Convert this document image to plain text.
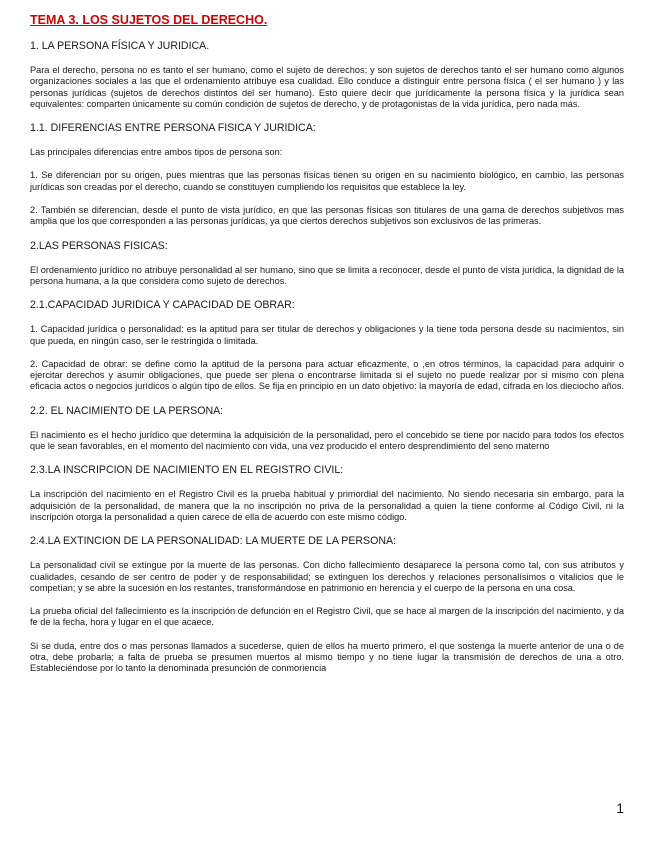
TEMA 3. LOS SUJETOS DEL DERECHO.
1. LA PERSONA FÍSICA Y JURIDICA.
Para el derecho, persona no es tanto el ser humano, como el sujeto de derechos; y son sujetos de derechos tanto el ser humano como algunos organizaciones sociales a las que el ordenamiento atribuye esa cualidad. Ello conduce a distinguir entre persona física ( el ser humano ) y las personas jurídicas (sujetos de derechos distintos del ser humano). Esto quiere decir que jurídicamente la persona física y la jurídica sean equivalentes: comparten únicamente su común condición de sujetos de derecho, y de protagonistas de la vida jurídica, pero nada más.
1.1. DIFERENCIAS ENTRE PERSONA FISICA Y JURIDICA:
Las principales diferencias entre ambos tipos de persona son:
1. Se diferencian por su origen, pues mientras que las personas físicas tienen su origen en su nacimiento biológico, en cambio, las personas jurídicas son creadas por el derecho, cuando se constituyen cumpliendo los requisitos que establece la ley.
2. También se diferencian, desde el punto de vista jurídico, en que las personas físicas son titulares de una gama de derechos subjetivos mas amplia que los que corresponden a las personas jurídicas, ya que ciertos derechos subjetivos son exclusivos de las primeras.
2.LAS PERSONAS FISICAS:
El ordenamiento jurídico no atribuye personalidad al ser humano, sino que se limita a reconocer, desde el punto de vista jurídica, la dignidad de la persona humana, a la que considera como sujeto de derechos.
2.1.CAPACIDAD JURIDICA Y CAPACIDAD DE OBRAR:
1. Capacidad jurídica o personalidad: es la aptitud para ser titular de derechos y obligaciones y la tiene toda persona desde su nacimientos, sin que pueda, en ningún caso, ser le restringida o limitada.
2. Capacidad de obrar: se define como la aptitud de la persona para actuar eficazmente, o ,en otros términos, la capacidad para adquirir o ejercitar derechos y asumir obligaciones, que puede ser plena o encontrarse limitada si el sujeto no puede realizar por si mismo con plena eficacia actos o negocios jurídicos o algún tipo de ellos. Se fija en principio en un dato objetivo: la mayoría de edad, cifrada en los dieciocho años.
2.2. EL NACIMIENTO DE LA PERSONA:
El nacimiento es el hecho jurídico que determina la adquisición de la personalidad, pero el concebido se tiene por nacido para todos los efectos que le sean favorables, en el momento del nacimiento con vida, una vez producido el entero desprendimiento del seno materno
2.3.LA INSCRIPCION DE NACIMIENTO EN EL REGISTRO CIVIL:
La inscripción del nacimiento en el Registro Civil es la prueba habitual y primordial del nacimiento. No siendo necesaria sin embargo, para la adquisición de la personalidad, de manera que la no inscripción no priva de la personalidad a quien la tiene conforme al Código Civil, ni la inscripción otorga la personalidad a quien carece de ella de acuerdo con este mismo código.
2.4.LA EXTINCION DE LA PERSONALIDAD: LA MUERTE DE LA PERSONA:
La personalidad civil se extingue por la muerte de las personas. Con dicho fallecimiento desaparece la persona como tal, con sus atributos y cualidades, cesando de ser centro de poder y de responsabilidad; se extinguen los derechos y relaciones personalísimos o vitalicios que le competían; y se abre la sucesión en los restantes, transformándose en patrimonio en herencia y el cuerpo de la persona en una cosa.
La prueba oficial del fallecimiento es la inscripción de defunción en el Registro Civil, que se hace al margen de la inscripción del nacimiento, y da fe de la fecha, hora y lugar en el que acaece.
Si se duda, entre dos o mas personas llamados a sucederse, quien de ellos ha muerto primero, el que sostenga la muerte anterior de una o de otra, debe probarla; a falta de prueba se presumen muertos al mismo tiempo y no tiene lugar la transmisión de derechos de una a otro. Estableciéndose por lo tanto la denominada presunción de conmoriencia
1
